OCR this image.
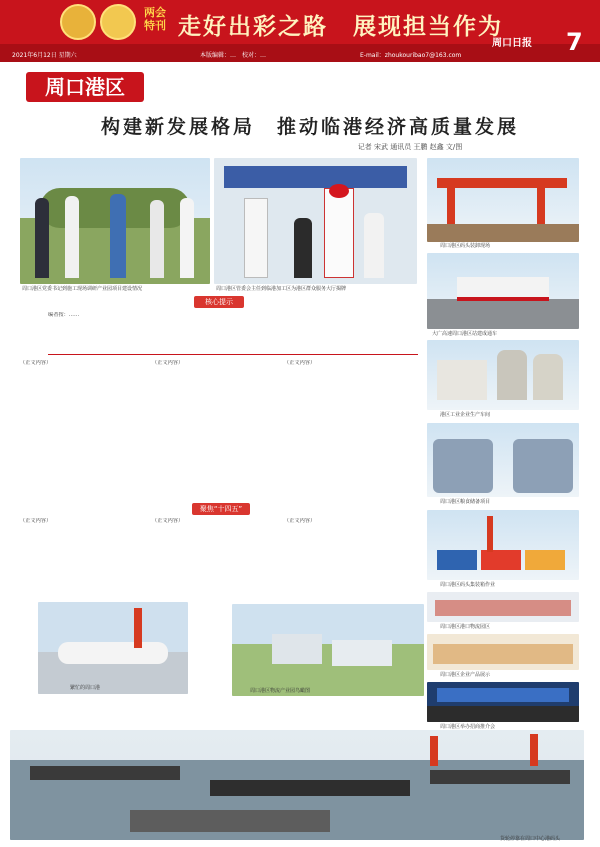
两会
特刊 走好出彩之路　展现担当作为
2021年6月12日 星期六	本版编辑：…　校对：…	E-mail：zhoukouribao7@163.com
周口日报 7
周口港区
构建新发展格局　推动临港经济高质量发展
记者 宋武 通讯员 王鹏 赵鑫 文/图
周口港区党委书记到施工现场调研产业园项目建设情况	周口港区管委会主任到临港加工区为港区群众服务大厅揭牌
周口港区码头装卸现场
大广高速周口港区站建成通车
港区工业企业生产车间
周口港区粮食储备项目
周口港区码头集装箱作业
周口港区港口物流园区
周口港区企业产品展示
周口港区举办招商推介会
核心提示
编者按：……
（正文内容）	（正文内容）	（正文内容）
聚焦“十四五”
（正文内容）	（正文内容）	（正文内容）
繁忙的周口港	周口港区物流产业园鸟瞰图
货轮停靠在周口中心港码头
